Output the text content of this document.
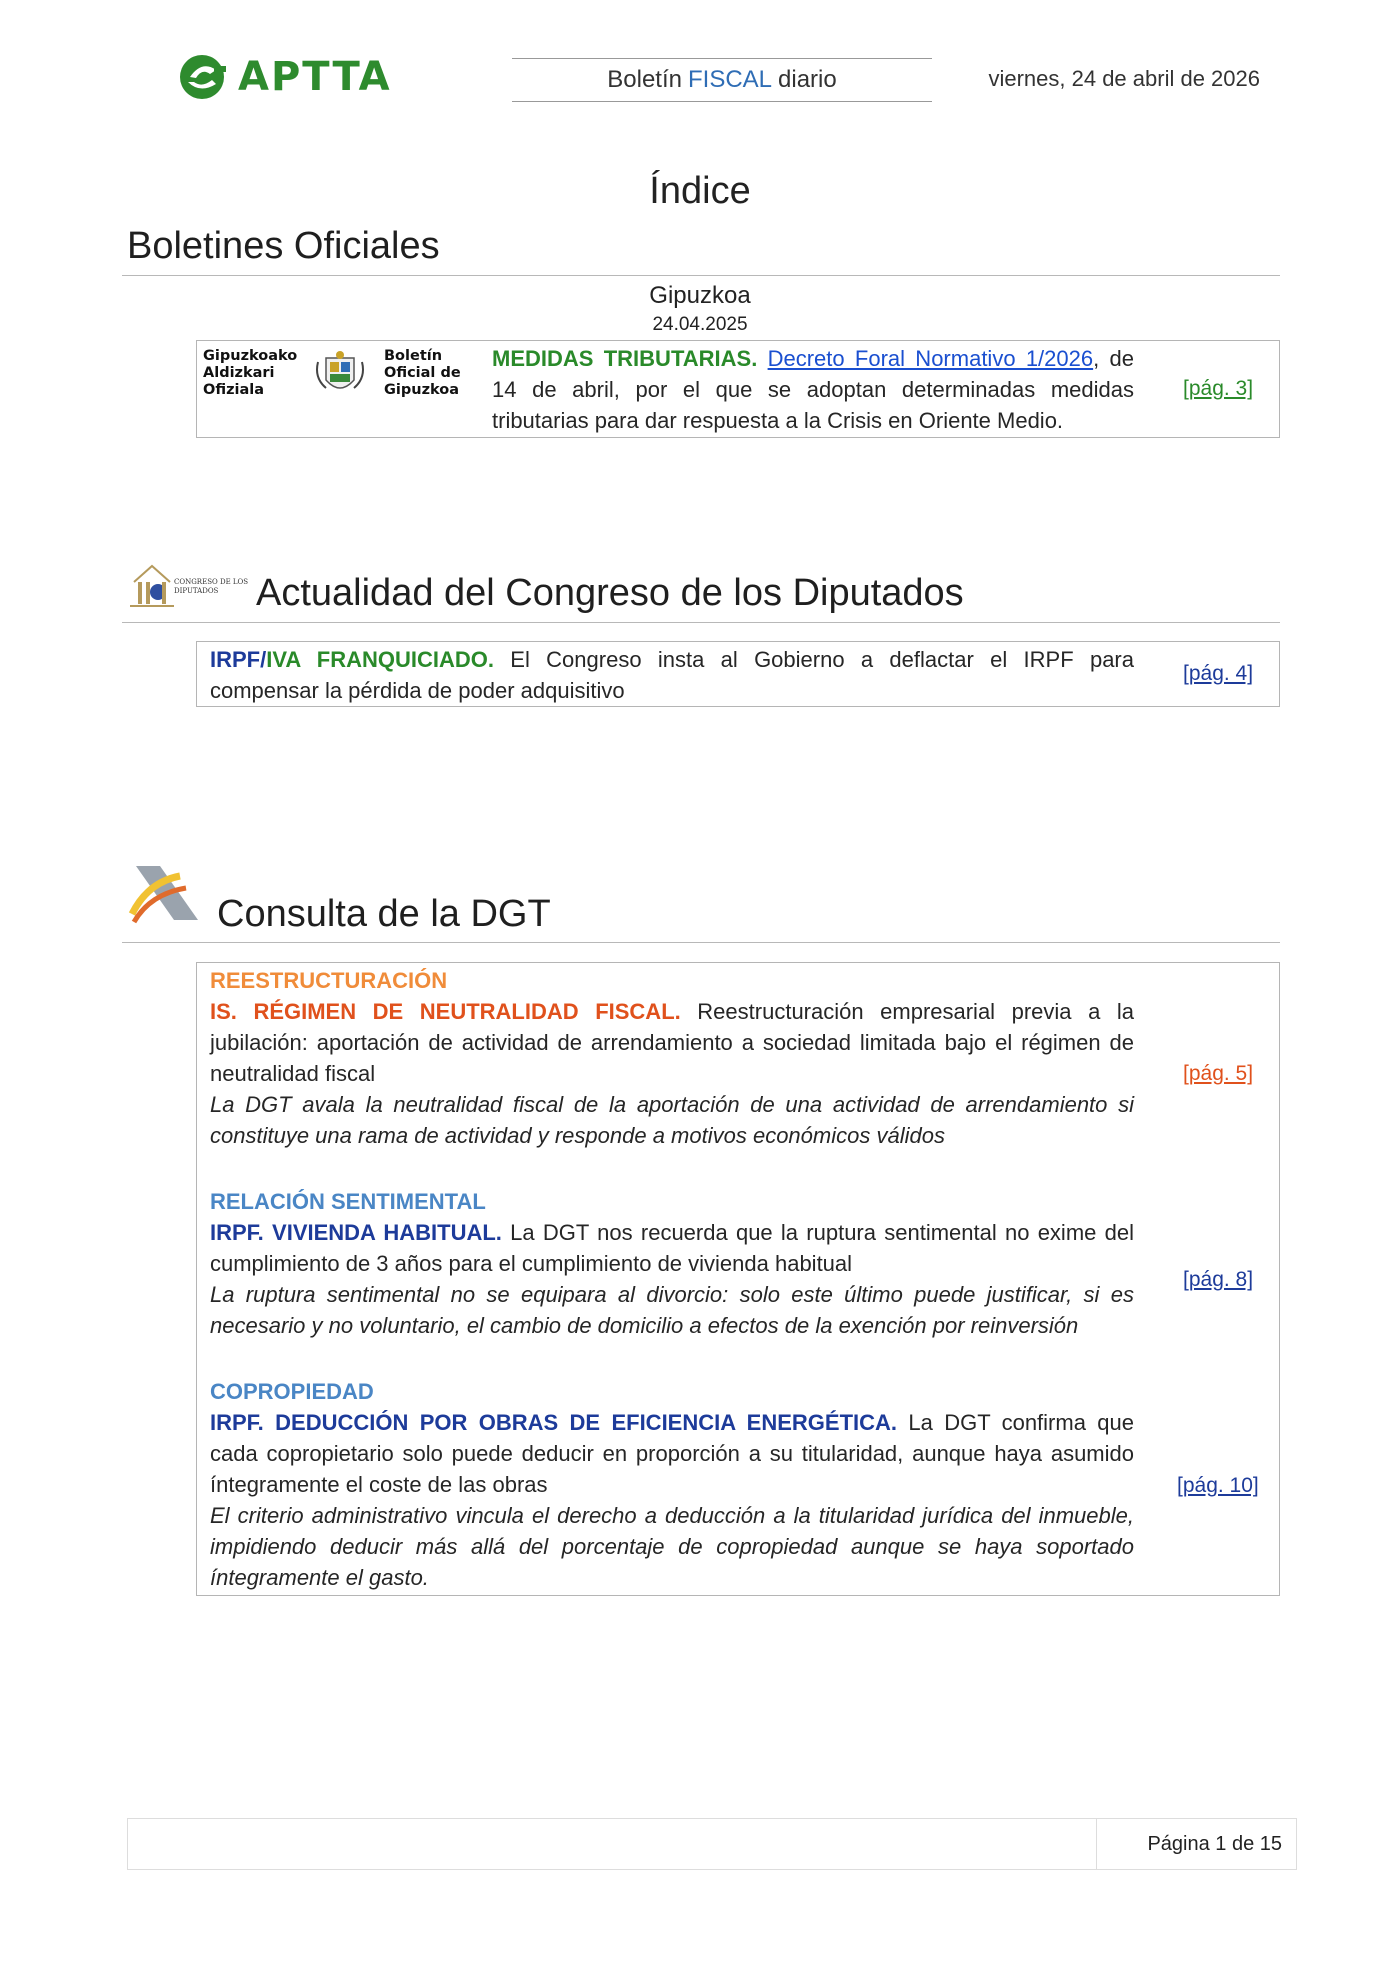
APTTA	Boletín FISCAL diario	viernes, 24 de abril de 2026
Índice
Boletines Oficiales
Gipuzkoa
24.04.2025
Gipuzkoako
Aldizkari
Ofiziala
Boletín
Oficial de
Gipuzkoa
MEDIDAS TRIBUTARIAS. Decreto Foral Normativo 1/2026, de 14 de abril, por el que se adoptan determinadas medidas tributarias para dar respuesta a la Crisis en Oriente Medio.
[pág. 3]
CONGRESO DE LOS DIPUTADOS Actualidad del Congreso de los Diputados
IRPF/IVA FRANQUICIADO. El Congreso insta al Gobierno a deflactar el IRPF para compensar la pérdida de poder adquisitivo
[pág. 4]
Consulta de la DGT
REESTRUCTURACIÓN
IS. RÉGIMEN DE NEUTRALIDAD FISCAL. Reestructuración empresarial previa a la jubilación: aportación de actividad de arrendamiento a sociedad limitada bajo el régimen de neutralidad fiscal
La DGT avala la neutralidad fiscal de la aportación de una actividad de arrendamiento si constituye una rama de actividad y responde a motivos económicos válidos
[pág. 5]
RELACIÓN SENTIMENTAL
IRPF. VIVIENDA HABITUAL. La DGT nos recuerda que la ruptura sentimental no exime del cumplimiento de 3 años para el cumplimiento de vivienda habitual
La ruptura sentimental no se equipara al divorcio: solo este último puede justificar, si es necesario y no voluntario, el cambio de domicilio a efectos de la exención por reinversión
[pág. 8]
COPROPIEDAD
IRPF. DEDUCCIÓN POR OBRAS DE EFICIENCIA ENERGÉTICA. La DGT confirma que cada copropietario solo puede deducir en proporción a su titularidad, aunque haya asumido íntegramente el coste de las obras
El criterio administrativo vincula el derecho a deducción a la titularidad jurídica del inmueble, impidiendo deducir más allá del porcentaje de copropiedad aunque se haya soportado íntegramente el gasto.
[pág. 10]
Página 1 de 15
